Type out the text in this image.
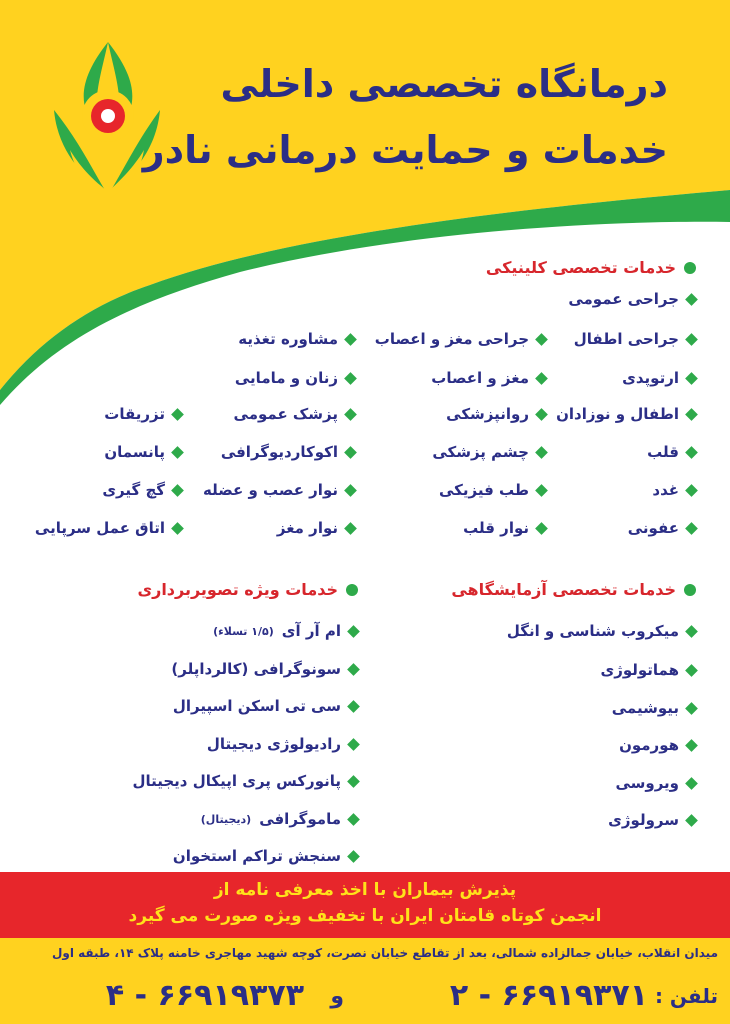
درمانگاه تخصصی داخلی
خدمات و حمایت درمانی نادر
خدمات تخصصی کلینیکی
جراحی عمومی
جراحی اطفال
ارتوپدی
اطفال و نوزادان
قلب
غدد
عفونی
جراحی مغز و اعصاب
مغز و اعصاب
روانپزشکی
چشم پزشکی
طب فیزیکی
نوار قلب
مشاوره تغذیه
زنان و مامایی
پزشک عمومی
اکوکاردیوگرافی
نوار عصب و عضله
نوار مغز
تزریقات
پانسمان
گچ گیری
اتاق عمل سرپایی
خدمات تخصصی آزمایشگاهی
میکروب شناسی و انگل
هماتولوژی
بیوشیمی
هورمون
ویروسی
سرولوژی
خدمات ویژه تصویربرداری
ام آر آی
(۱/۵ تسلاء)
سونوگرافی (کالرداپلر)
سی تی اسکن اسپیرال
رادیولوژی دیجیتال
پانورکس پری اپیکال دیجیتال
ماموگرافی
(دیجیتال)
سنجش تراکم استخوان
پذیرش بیماران با اخذ معرفی نامه از
انجمن کوتاه قامتان ایران با تخفیف ویژه صورت می گیرد
میدان انقلاب، خیابان جمالزاده شمالی، بعد از تقاطع خیابان نصرت، کوچه شهید مهاجری خامنه پلاک ۱۴، طبقه اول
تلفن :
۶۶۹۱۹۳۷۱ - ۲
و
۶۶۹۱۹۳۷۳ - ۴
